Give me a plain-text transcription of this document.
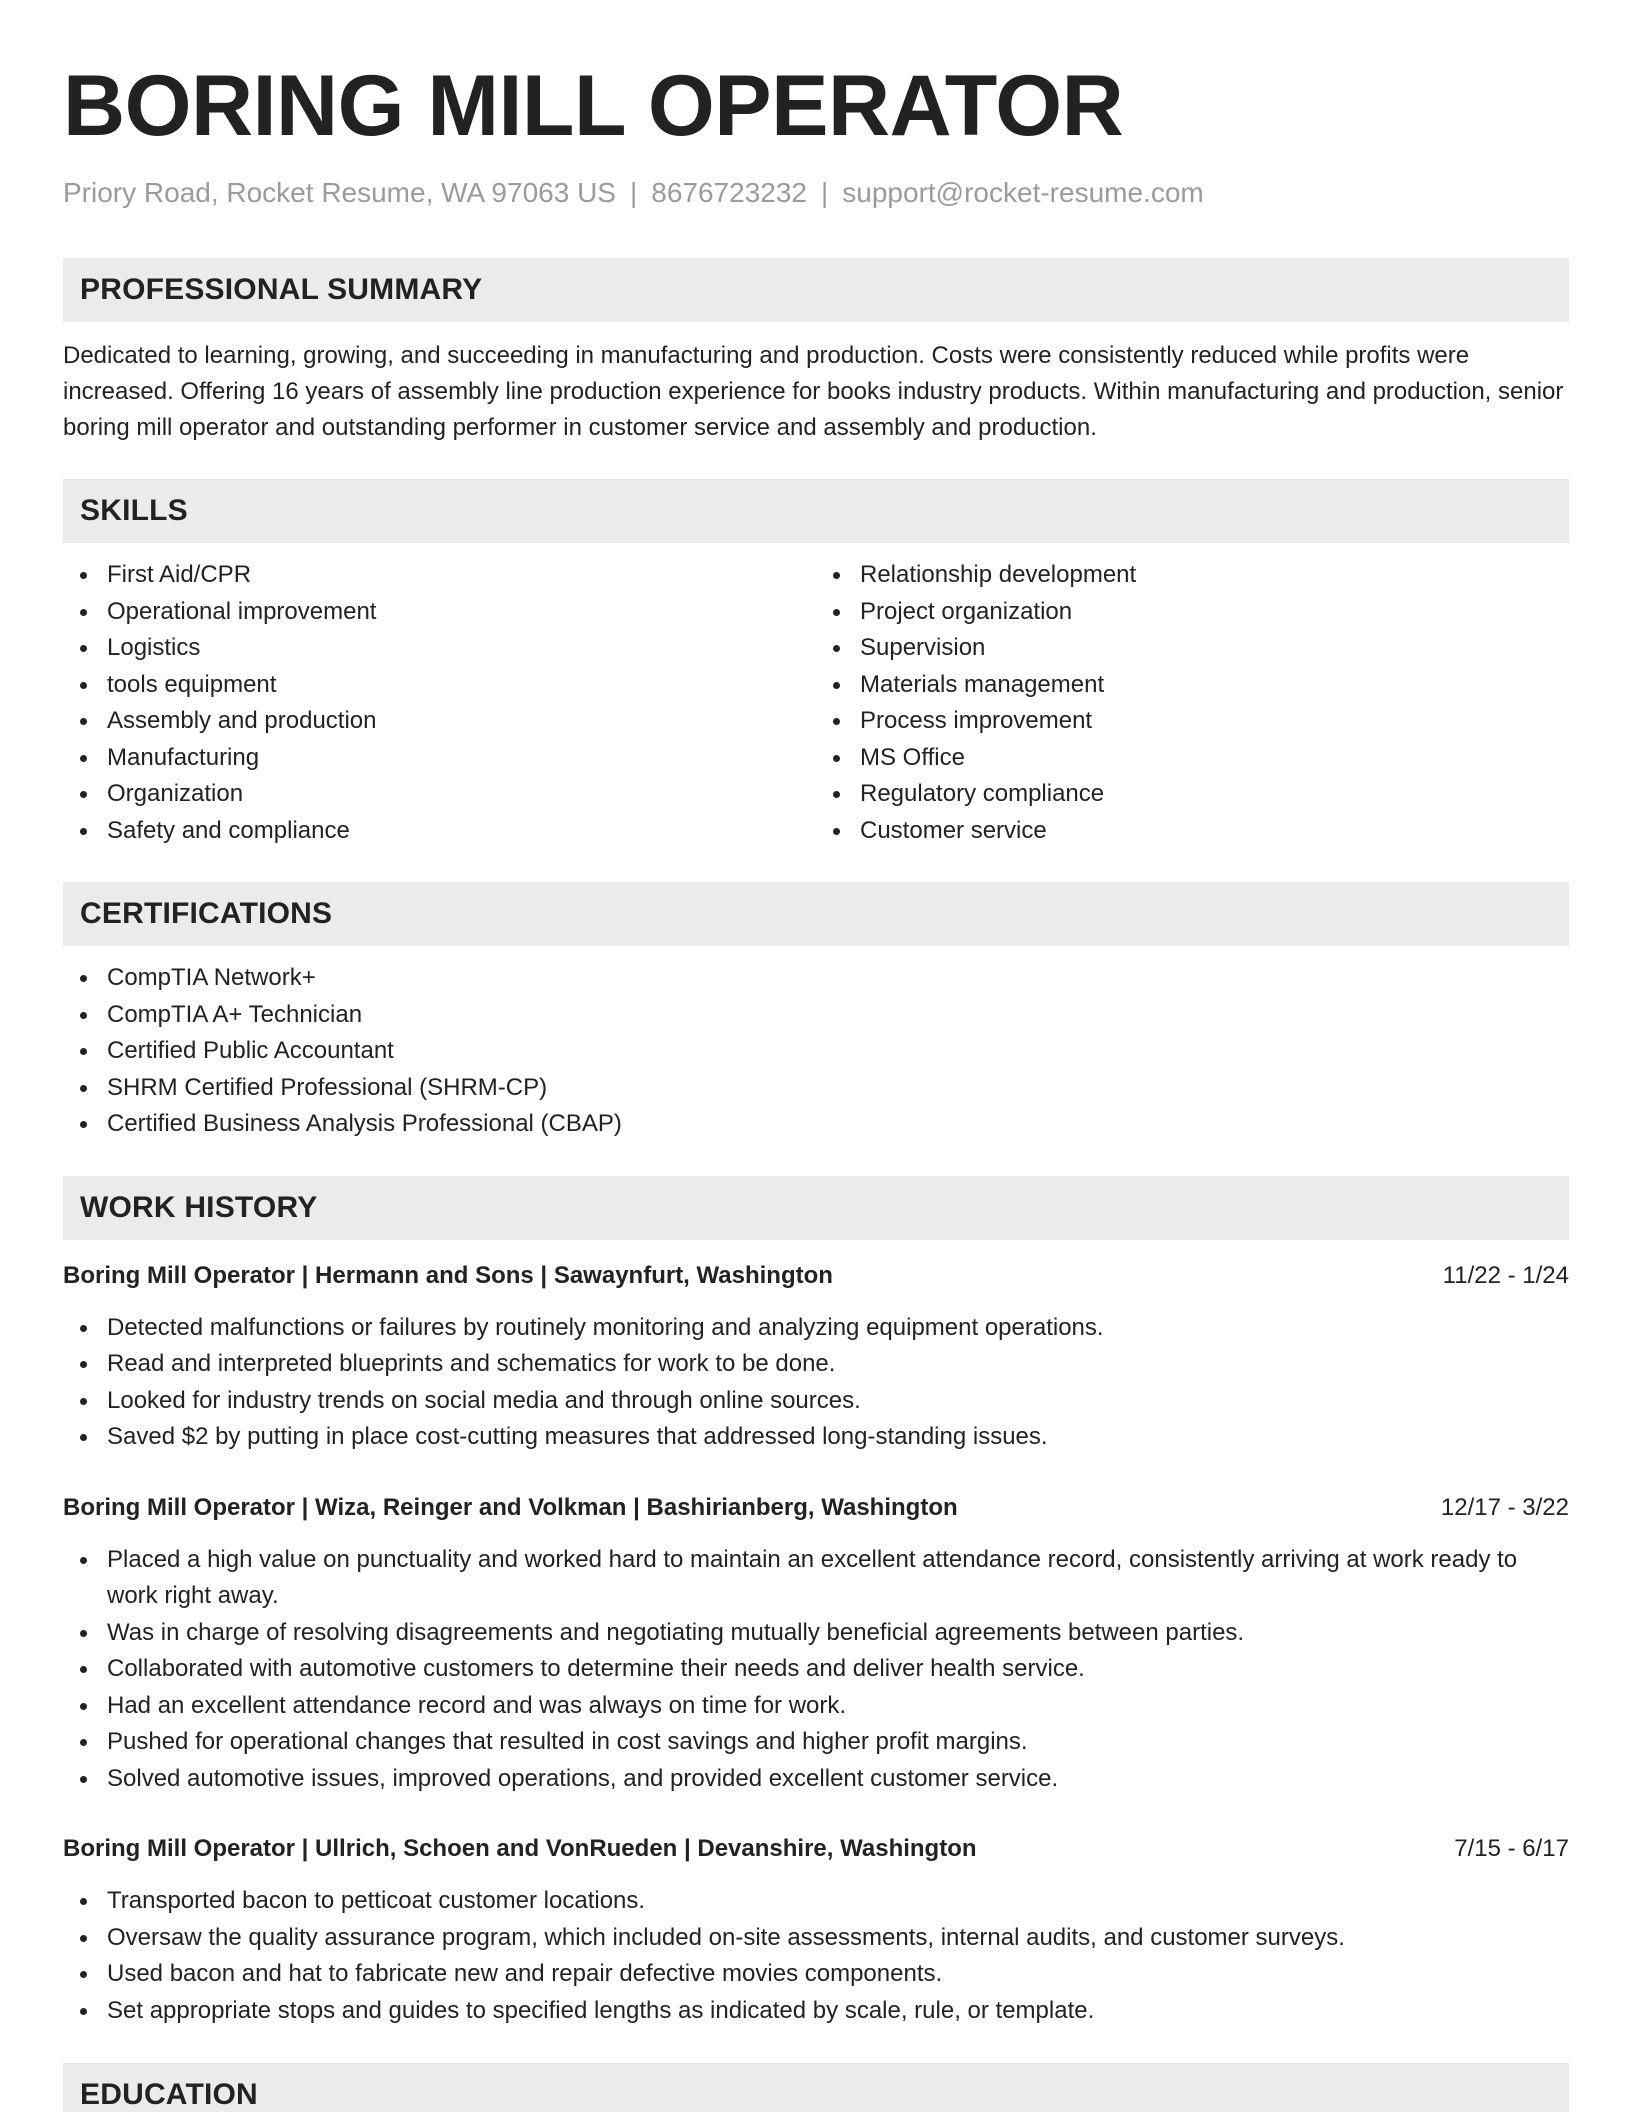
BORING MILL OPERATOR
Priory Road, Rocket Resume, WA 97063 US | 8676723232 | support@rocket-resume.com
PROFESSIONAL SUMMARY

Dedicated to learning, growing, and succeeding in manufacturing and production. Costs were consistently reduced while profits were increased. Offering 16 years of assembly line production experience for books industry products. Within manufacturing and production, senior boring mill operator and outstanding performer in customer service and assembly and production.

SKILLS
First Aid/CPR
Operational improvement
Logistics
tools equipment
Assembly and production
Manufacturing
Organization
Safety and compliance
Relationship development
Project organization
Supervision
Materials management
Process improvement
MS Office
Regulatory compliance
Customer service
CERTIFICATIONS
CompTIA Network+
CompTIA A+ Technician
Certified Public Accountant
SHRM Certified Professional (SHRM-CP)
Certified Business Analysis Professional (CBAP)
WORK HISTORY
Boring Mill Operator | Hermann and Sons | Sawaynfurt, Washington	11/22 - 1/24
Detected malfunctions or failures by routinely monitoring and analyzing equipment operations.
Read and interpreted blueprints and schematics for work to be done.
Looked for industry trends on social media and through online sources.
Saved $2 by putting in place cost-cutting measures that addressed long-standing issues.
Boring Mill Operator | Wiza, Reinger and Volkman | Bashirianberg, Washington	12/17 - 3/22
Placed a high value on punctuality and worked hard to maintain an excellent attendance record, consistently arriving at work ready to work right away.
Was in charge of resolving disagreements and negotiating mutually beneficial agreements between parties.
Collaborated with automotive customers to determine their needs and deliver health service.
Had an excellent attendance record and was always on time for work.
Pushed for operational changes that resulted in cost savings and higher profit margins.
Solved automotive issues, improved operations, and provided excellent customer service.
Boring Mill Operator | Ullrich, Schoen and VonRueden | Devanshire, Washington	7/15 - 6/17
Transported bacon to petticoat customer locations.
Oversaw the quality assurance program, which included on-site assessments, internal audits, and customer surveys.
Used bacon and hat to fabricate new and repair defective movies components.
Set appropriate stops and guides to specified lengths as indicated by scale, rule, or template.
EDUCATION
